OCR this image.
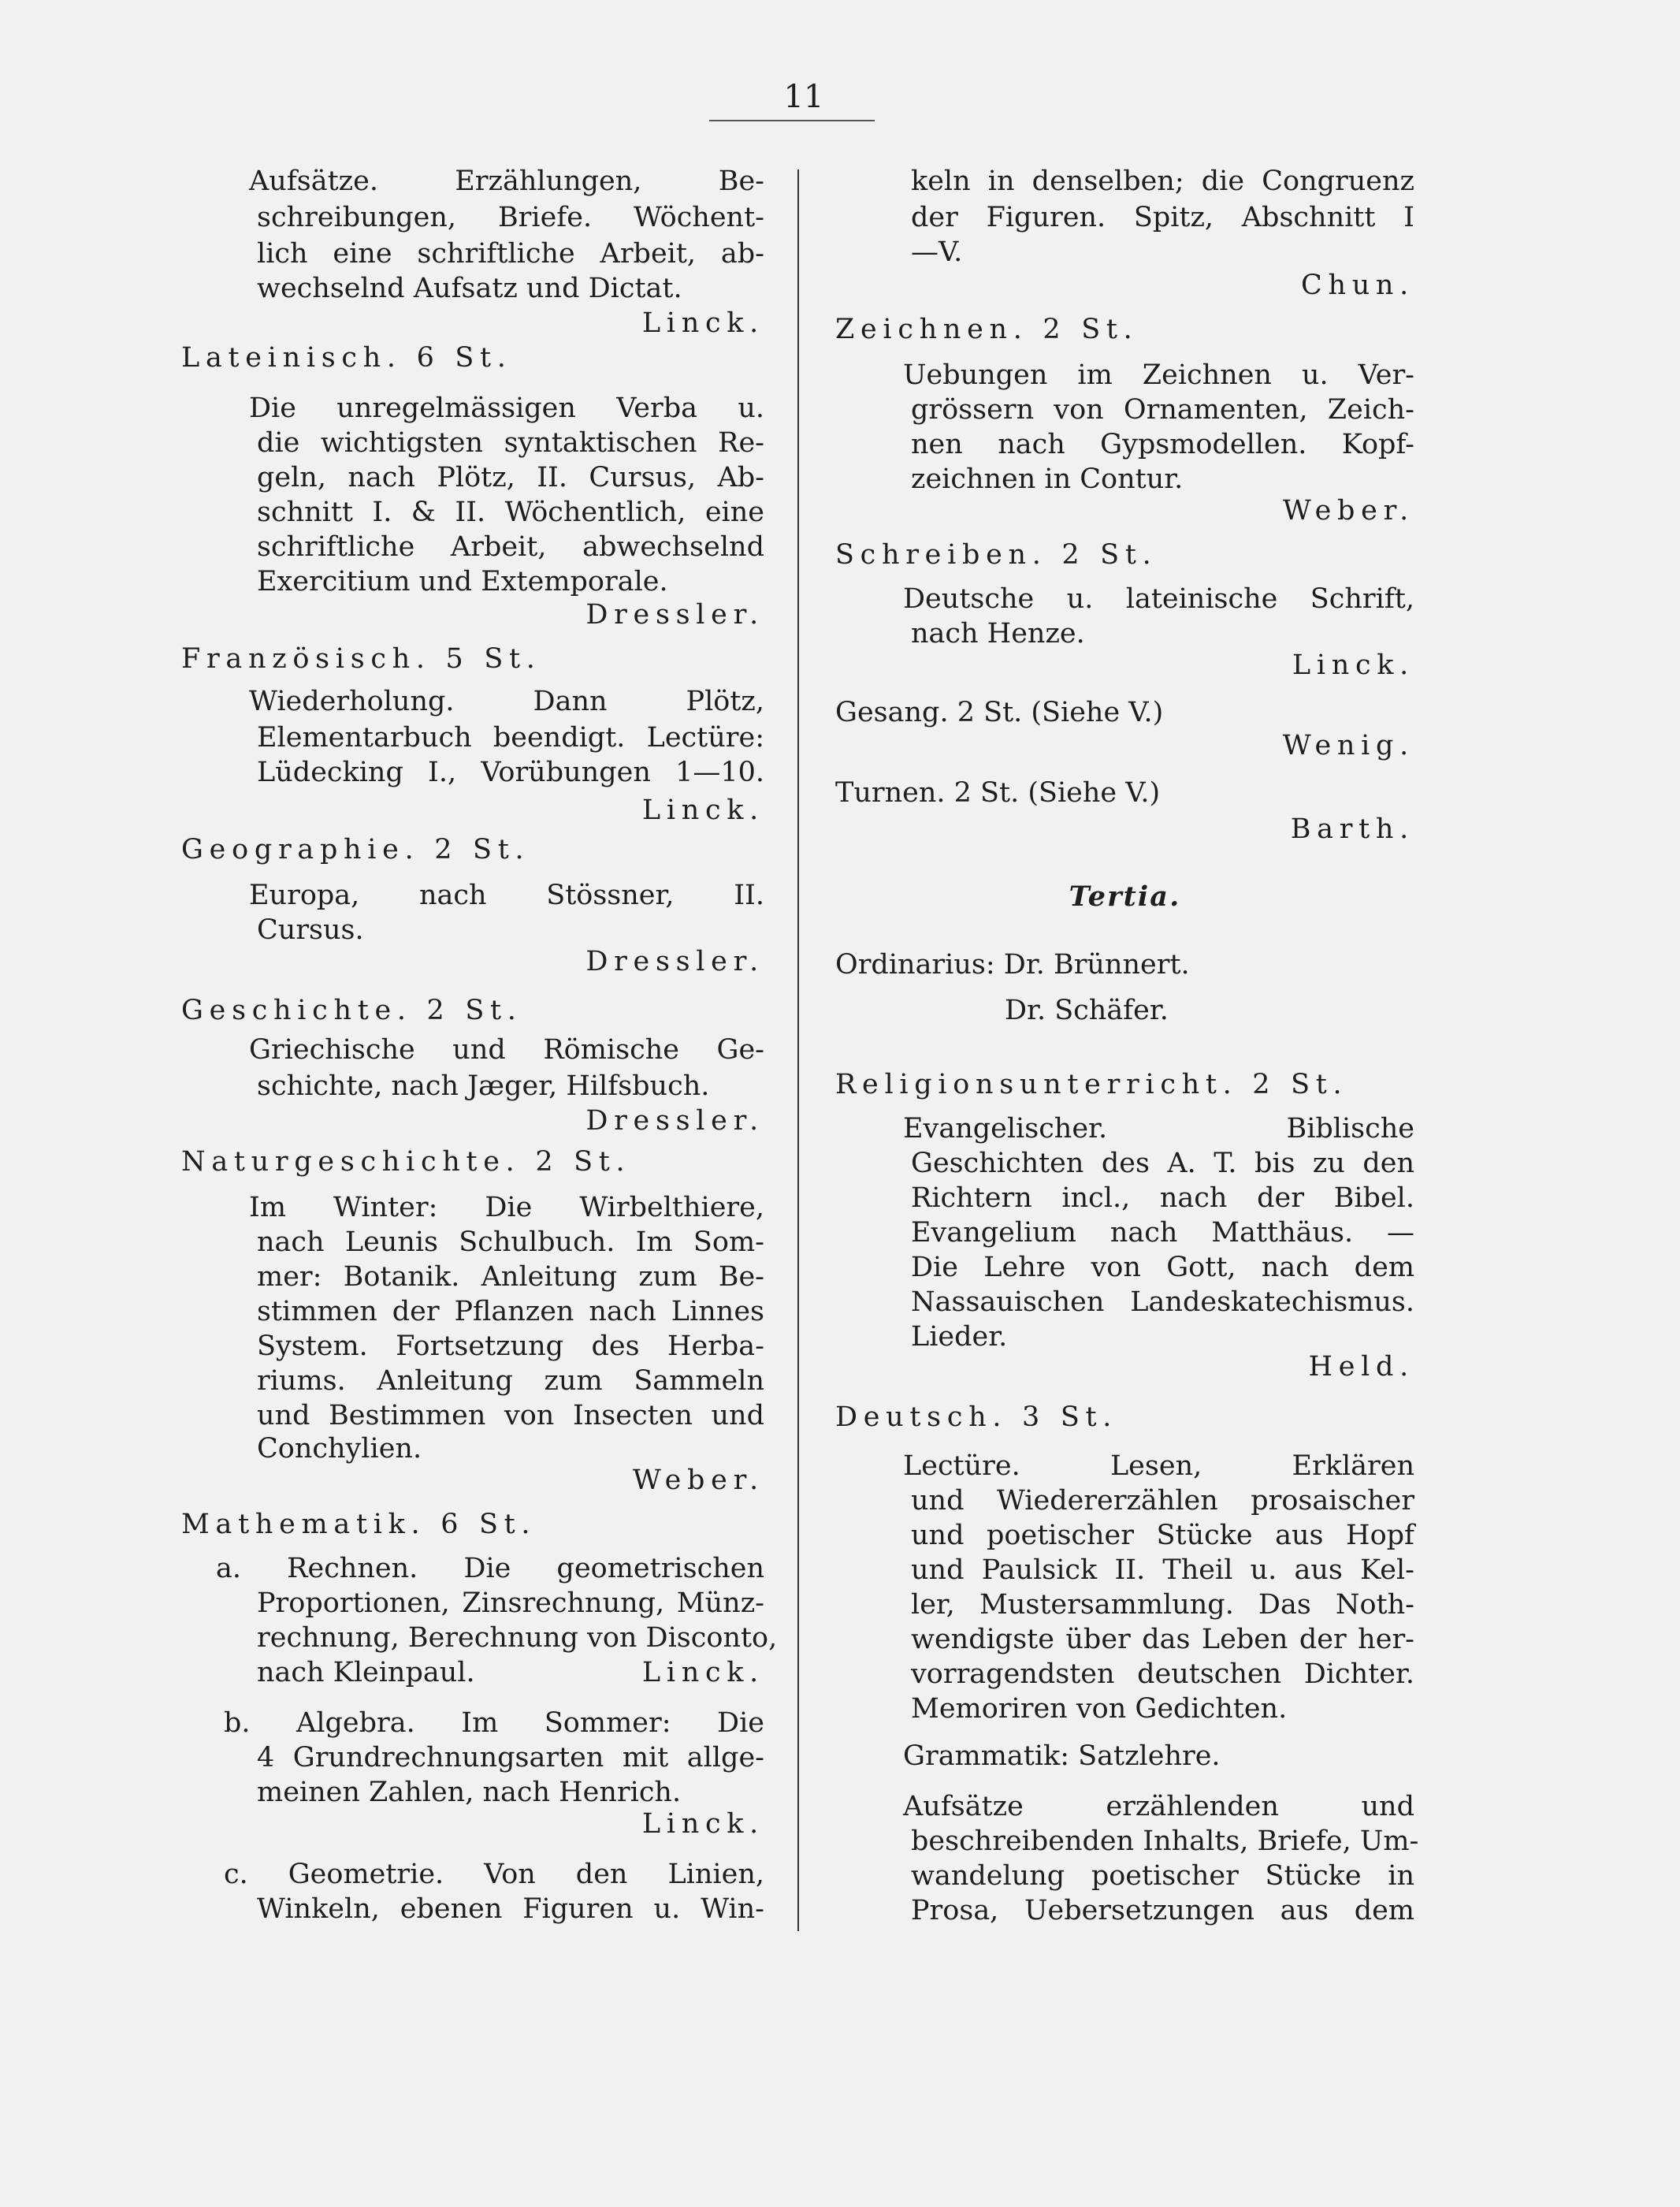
11
Aufsätze. Erzählungen, Be-
schreibungen, Briefe. Wöchent-
lich eine schriftliche Arbeit, ab-
wechselnd Aufsatz und Dictat.
Linck.
Lateinisch. 6 St.
Die unregelmässigen Verba u.
die wichtigsten syntaktischen Re-
geln, nach Plötz, II. Cursus, Ab-
schnitt I. & II. Wöchentlich, eine
schriftliche Arbeit, abwechselnd
Exercitium und Extemporale.
Dressler.
Französisch. 5 St.
Wiederholung. Dann Plötz,
Elementarbuch beendigt. Lectüre:
Lüdecking I., Vorübungen 1—10.
Linck.
Geographie. 2 St.
Europa, nach Stössner, II.
Cursus.
Dressler.
Geschichte. 2 St.
Griechische und Römische Ge-
schichte, nach Jæger, Hilfsbuch.
Dressler.
Naturgeschichte. 2 St.
Im Winter: Die Wirbelthiere,
nach Leunis Schulbuch. Im Som-
mer: Botanik. Anleitung zum Be-
stimmen der Pflanzen nach Linnes
System. Fortsetzung des Herba-
riums. Anleitung zum Sammeln
und Bestimmen von Insecten und
Conchylien.
Weber.
Mathematik. 6 St.
a. Rechnen. Die geometrischen
Proportionen, Zinsrechnung, Münz-
rechnung, Berechnung von Disconto,
nach Kleinpaul.	Linck.
b. Algebra. Im Sommer: Die
4 Grundrechnungsarten mit allge-
meinen Zahlen, nach Henrich.
Linck.
c. Geometrie. Von den Linien,
Winkeln, ebenen Figuren u. Win-
keln in denselben; die Congruenz
der Figuren. Spitz, Abschnitt I
—V.
Chun.
Zeichnen. 2 St.
Uebungen im Zeichnen u. Ver-
grössern von Ornamenten, Zeich-
nen nach Gypsmodellen. Kopf-
zeichnen in Contur.
Weber.
Schreiben. 2 St.
Deutsche u. lateinische Schrift,
nach Henze.
Linck.
Gesang. 2 St. (Siehe V.)
Wenig.
Turnen. 2 St. (Siehe V.)
Barth.
Tertia.
Ordinarius: Dr. Brünnert.
Dr. Schäfer.
Religionsunterricht. 2 St.
Evangelischer. Biblische
Geschichten des A. T. bis zu den
Richtern incl., nach der Bibel.
Evangelium nach Matthäus. —
Die Lehre von Gott, nach dem
Nassauischen Landeskatechismus.
Lieder.
Held.
Deutsch. 3 St.
Lectüre. Lesen, Erklären
und Wiedererzählen prosaischer
und poetischer Stücke aus Hopf
und Paulsick II. Theil u. aus Kel-
ler, Mustersammlung. Das Noth-
wendigste über das Leben der her-
vorragendsten deutschen Dichter.
Memoriren von Gedichten.
Grammatik: Satzlehre.
Aufsätze erzählenden und
beschreibenden Inhalts, Briefe, Um-
wandelung poetischer Stücke in
Prosa, Uebersetzungen aus dem
